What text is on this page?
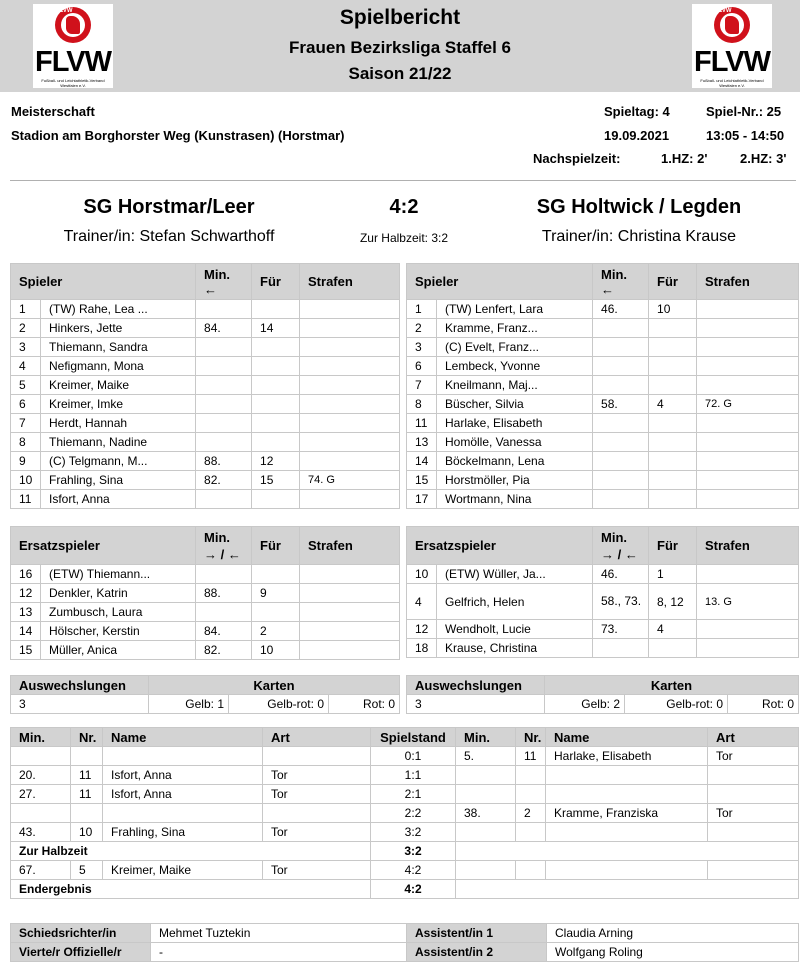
FLVW
FLVW
Fußball- und Leichtathletik-Verband Westfalen e.V.
Spielbericht
Frauen Bezirksliga Staffel 6
Saison 21/22
FLVW
FLVW
Fußball- und Leichtathletik-Verband Westfalen e.V.
Meisterschaft
Stadion am Borghorster Weg (Kunstrasen) (Horstmar)
Spieltag: 4	Spiel-Nr.: 25
19.09.2021	13:05 - 14:50
Nachspielzeit:	1.HZ: 2'	2.HZ: 3'
SG Horstmar/Leer	4:2	SG Holtwick / Legden
Trainer/in: Stefan Schwarthoff	Zur Halbzeit: 3:2	Trainer/in: Christina Krause
Spieler		Min.
←	Für	Strafen
1	(TW) Rahe, Lea ...			
2	Hinkers, Jette	84.	14	
3	Thiemann, Sandra			
4	Nefigmann, Mona			
5	Kreimer, Maike			
6	Kreimer, Imke			
7	Herdt, Hannah			
8	Thiemann, Nadine			
9	(C) Telgmann, M...	88.	12	
10	Frahling, Sina	82.	15	74. G
11	Isfort, Anna			
Spieler		Min.
←	Für	Strafen
1	(TW) Lenfert, Lara	46.	10	
2	Kramme, Franz...			
3	(C) Evelt, Franz...			
6	Lembeck, Yvonne			
7	Kneilmann, Maj...			
8	Büscher, Silvia	58.	4	72. G
11	Harlake, Elisabeth			
13	Homölle, Vanessa			
14	Böckelmann, Lena			
15	Horstmöller, Pia			
17	Wortmann, Nina			
Ersatzspieler		Min.
→ / ←	Für	Strafen
16	(ETW) Thiemann...			
12	Denkler, Katrin	88.	9	
13	Zumbusch, Laura			
14	Hölscher, Kerstin	84.	2	
15	Müller, Anica	82.	10	
Ersatzspieler		Min.
→ / ←	Für	Strafen
10	(ETW) Wüller, Ja...	46.	1	
4	Gelfrich, Helen	58., 73.	8, 12	13. G
12	Wendholt, Lucie	73.	4	
18	Krause, Christina			
Auswechslungen	Karten		
3	Gelb: 1	Gelb-rot: 0	Rot: 0
Auswechslungen	Karten		
3	Gelb: 2	Gelb-rot: 0	Rot: 0
Min.	Nr.	Name	Art	Spielstand	Min.	Nr.	Name	Art
				0:1	5.	11	Harlake, Elisabeth	Tor
20.	11	Isfort, Anna	Tor	1:1				
27.	11	Isfort, Anna	Tor	2:1				
				2:2	38.	2	Kramme, Franziska	Tor
43.	10	Frahling, Sina	Tor	3:2				
Zur Halbzeit				3:2				
67.	5	Kreimer, Maike	Tor	4:2				
Endergebnis				4:2				
Schiedsrichter/in	Mehmet Tuztekin	Assistent/in 1	Claudia Arning
Vierte/r Offizielle/r	-	Assistent/in 2	Wolfgang Roling
